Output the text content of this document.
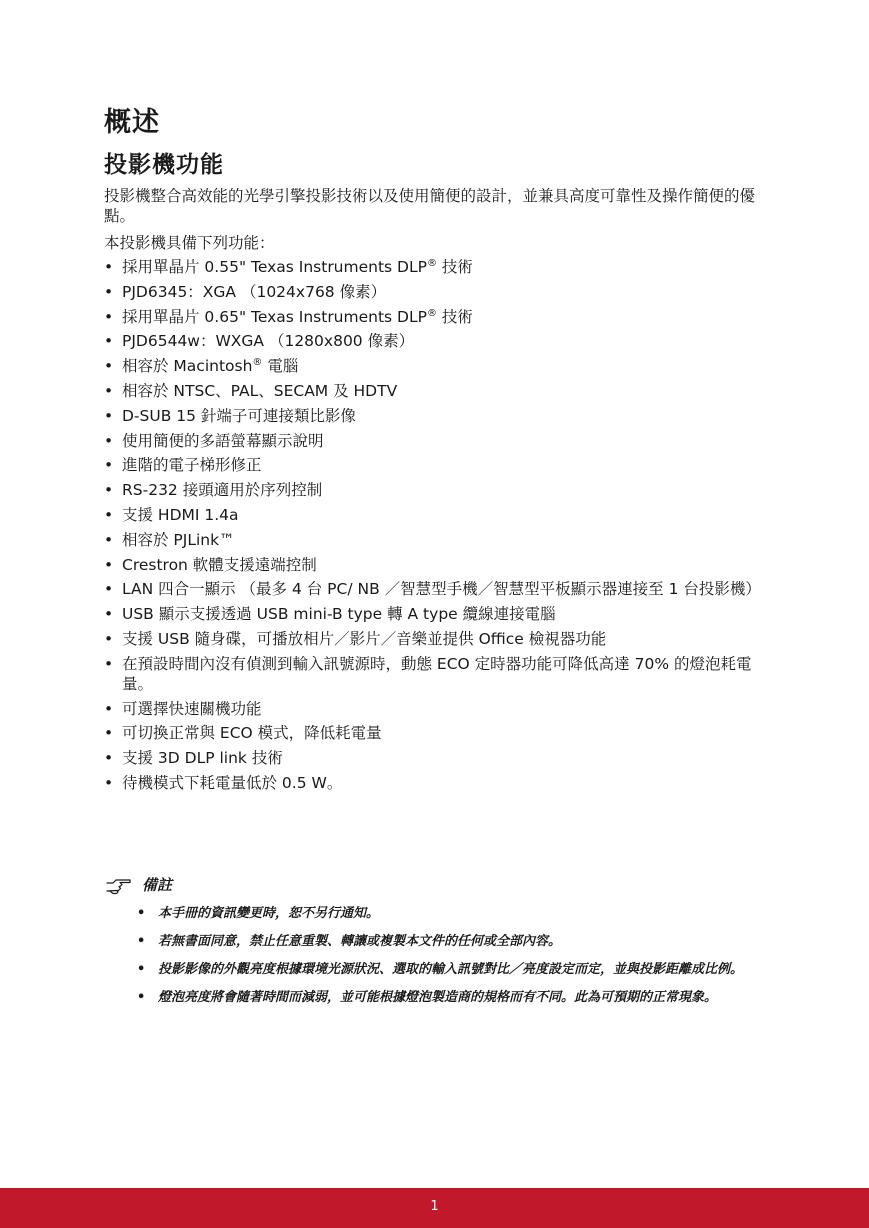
概述
投影機功能

投影機整合高效能的光學引擎投影技術以及使用簡便的設計，並兼具高度可靠性及操作簡便的優點。

本投影機具備下列功能：

• 採用單晶片 0.55" Texas Instruments DLP® 技術
• PJD6345：XGA （1024x768 像素）
• 採用單晶片 0.65" Texas Instruments DLP® 技術
• PJD6544w：WXGA （1280x800 像素）
• 相容於 Macintosh® 電腦
• 相容於 NTSC、PAL、SECAM 及 HDTV
• D-SUB 15 針端子可連接類比影像
• 使用簡便的多語螢幕顯示說明
• 進階的電子梯形修正
• RS-232 接頭適用於序列控制
• 支援 HDMI 1.4a
• 相容於 PJLink™
• Crestron 軟體支援遠端控制
• LAN 四合一顯示 （最多 4 台 PC/ NB ／智慧型手機／智慧型平板顯示器連接至 1 台投影機）
• USB 顯示支援透過 USB mini-B type 轉 A type 纜線連接電腦
• 支援 USB 隨身碟，可播放相片／影片／音樂並提供 Office 檢視器功能
• 在預設時間內沒有偵測到輸入訊號源時，動態 ECO 定時器功能可降低高達 70% 的燈泡耗電量。
• 可選擇快速關機功能
• 可切換正常與 ECO 模式，降低耗電量
• 支援 3D DLP link 技術
• 待機模式下耗電量低於 0.5 W。
備註
• 本手冊的資訊變更時，恕不另行通知。
• 若無書面同意，禁止任意重製、轉讓或複製本文件的任何或全部內容。
• 投影影像的外觀亮度根據環境光源狀況、選取的輸入訊號對比／亮度設定而定，並與投影距離成比例。
• 燈泡亮度將會隨著時間而減弱，並可能根據燈泡製造商的規格而有不同。此為可預期的正常現象。
1
